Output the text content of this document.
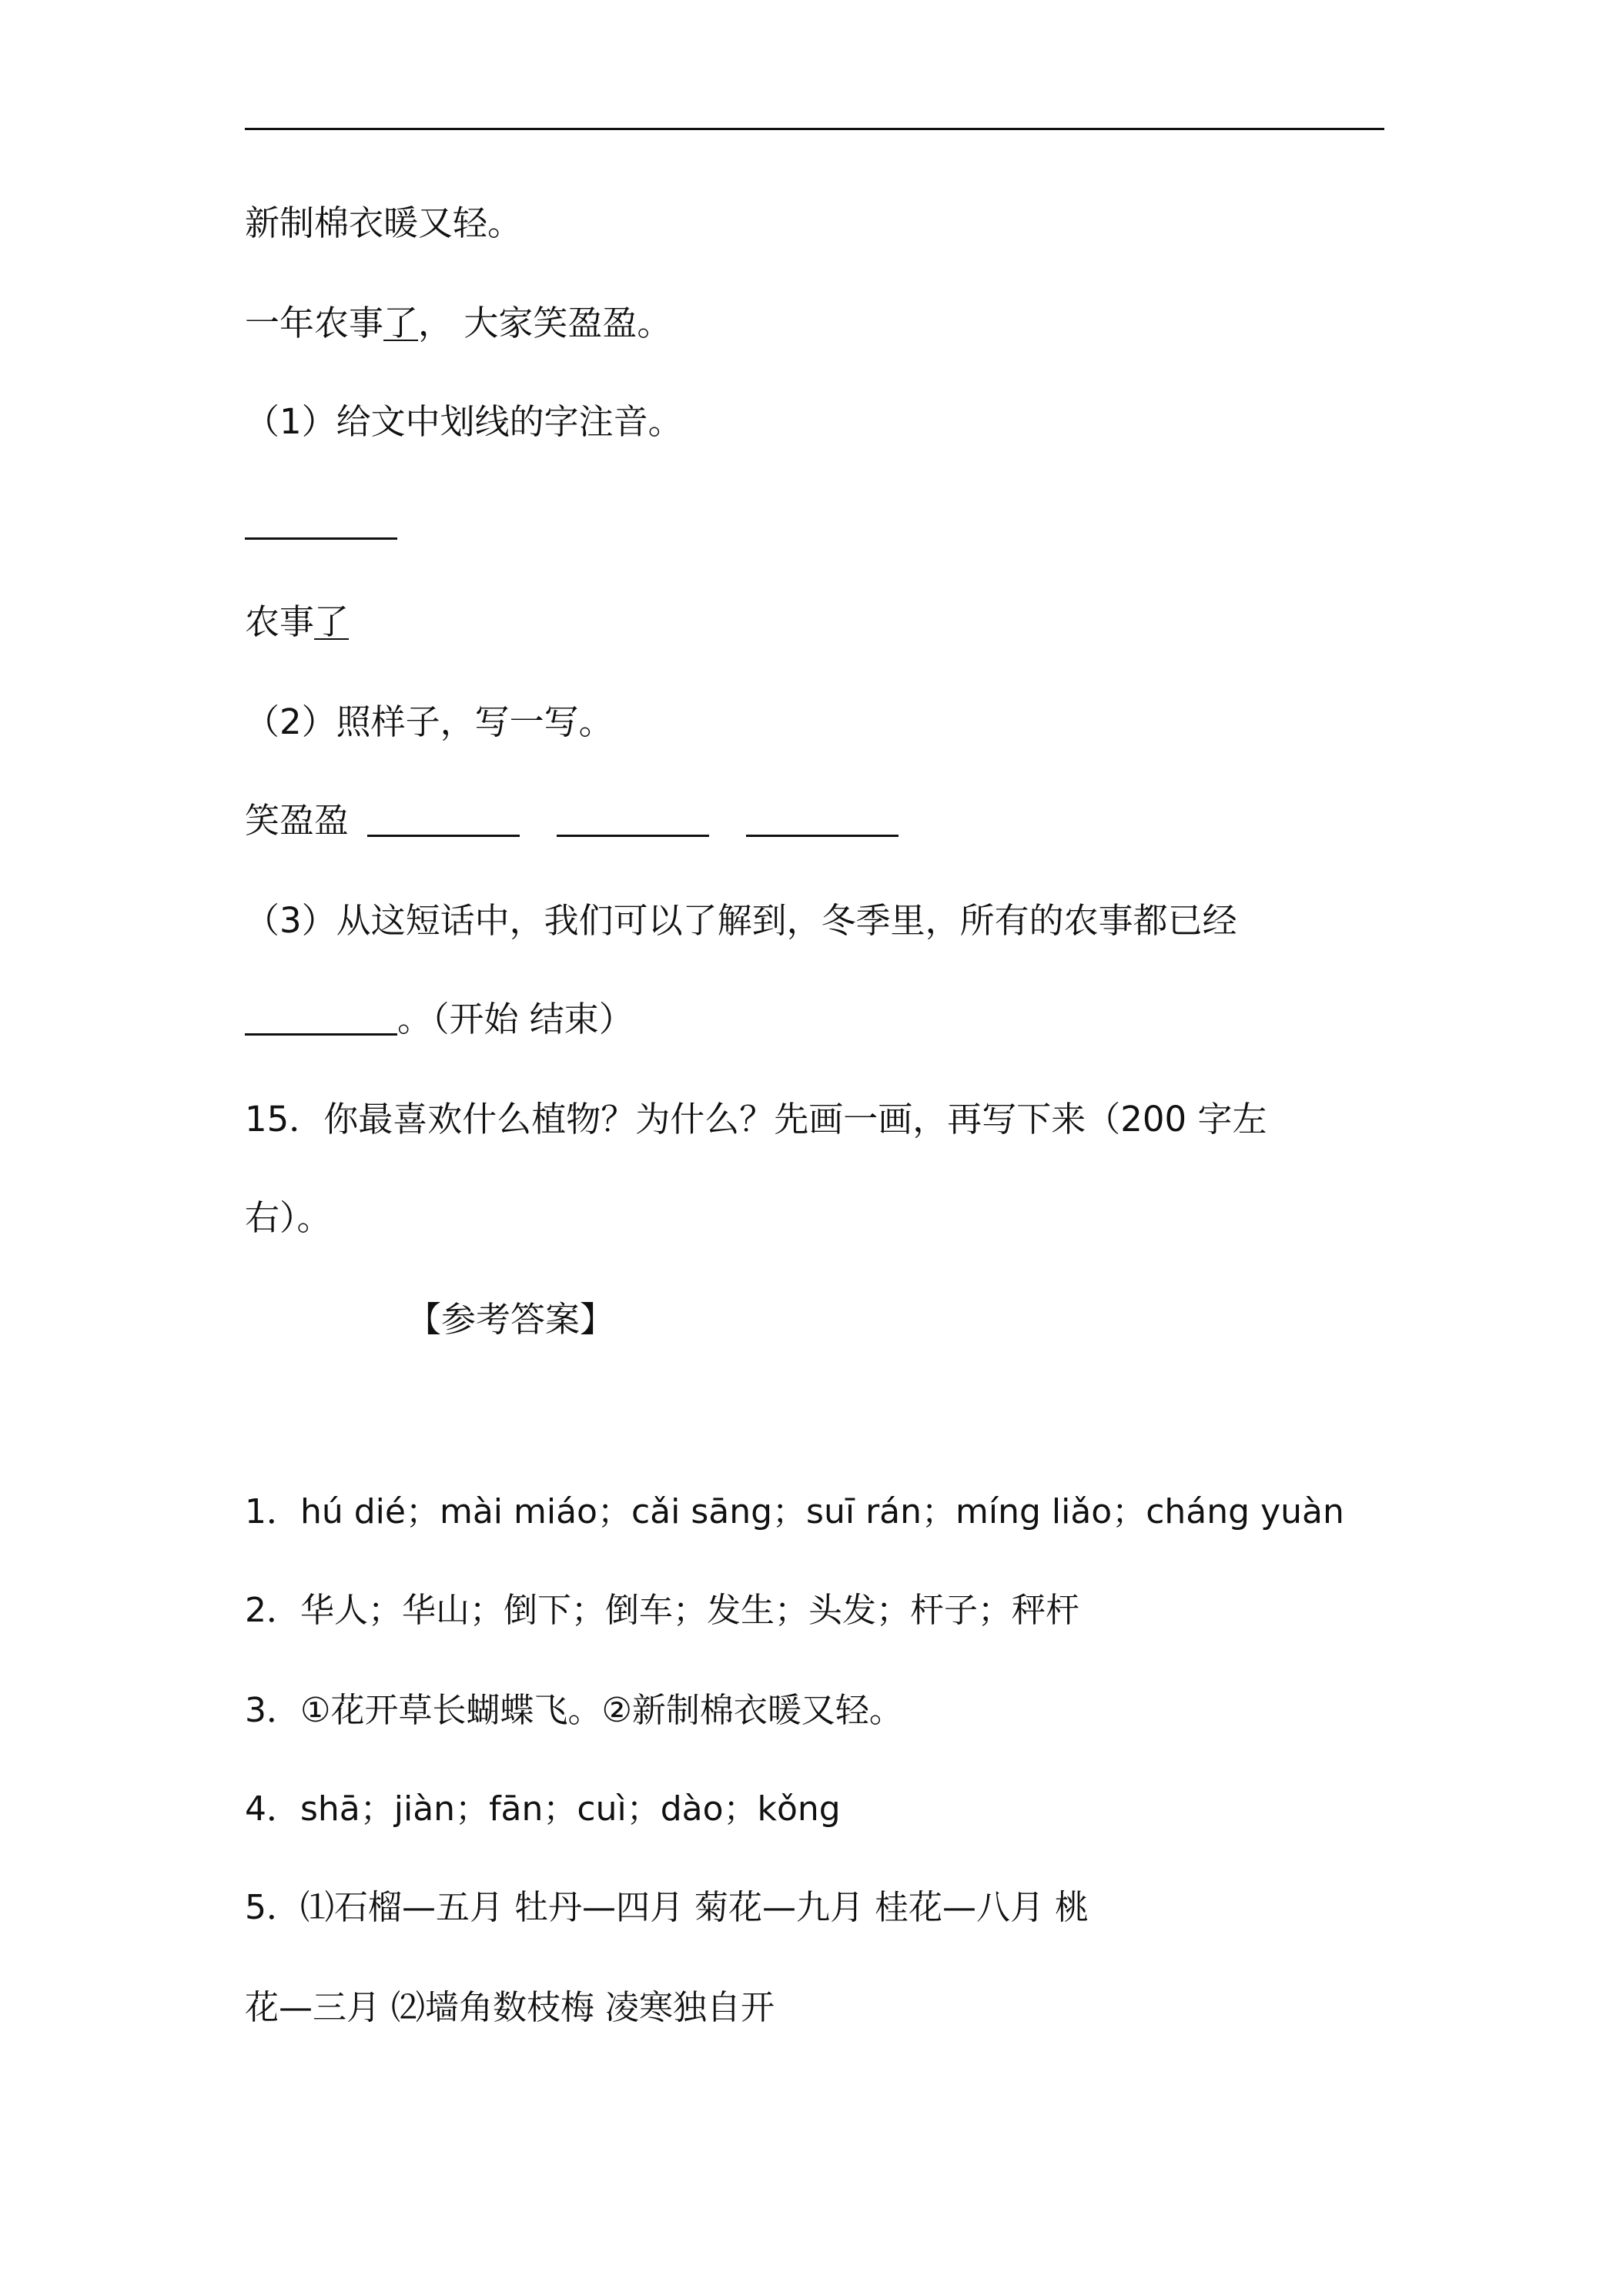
新制棉衣暖又轻。
一年农事了， 大家笑盈盈。
（1）给文中划线的字注音。
农事了
（2）照样子，写一写。
笑盈盈
（3）从这短话中，我们可以了解到，冬季里，所有的农事都已经
。（开始 结束）
15．你最喜欢什么植物？为什么？先画一画，再写下来（200 字左
右）。
【参考答案】
1．hú dié；mài miáo；cǎi sāng；suī rán；míng liǎo；cháng yuàn
2．华人；华山；倒下；倒车；发生；头发；杆子；秤杆
3．①花开草长蝴蝶飞。②新制棉衣暖又轻。
4．shā；jiàn；fān；cuì；dào；kǒng
5．⑴石榴—五月 牡丹—四月 菊花—九月 桂花—八月 桃
花—三月 ⑵墙角数枝梅 凌寒独自开
